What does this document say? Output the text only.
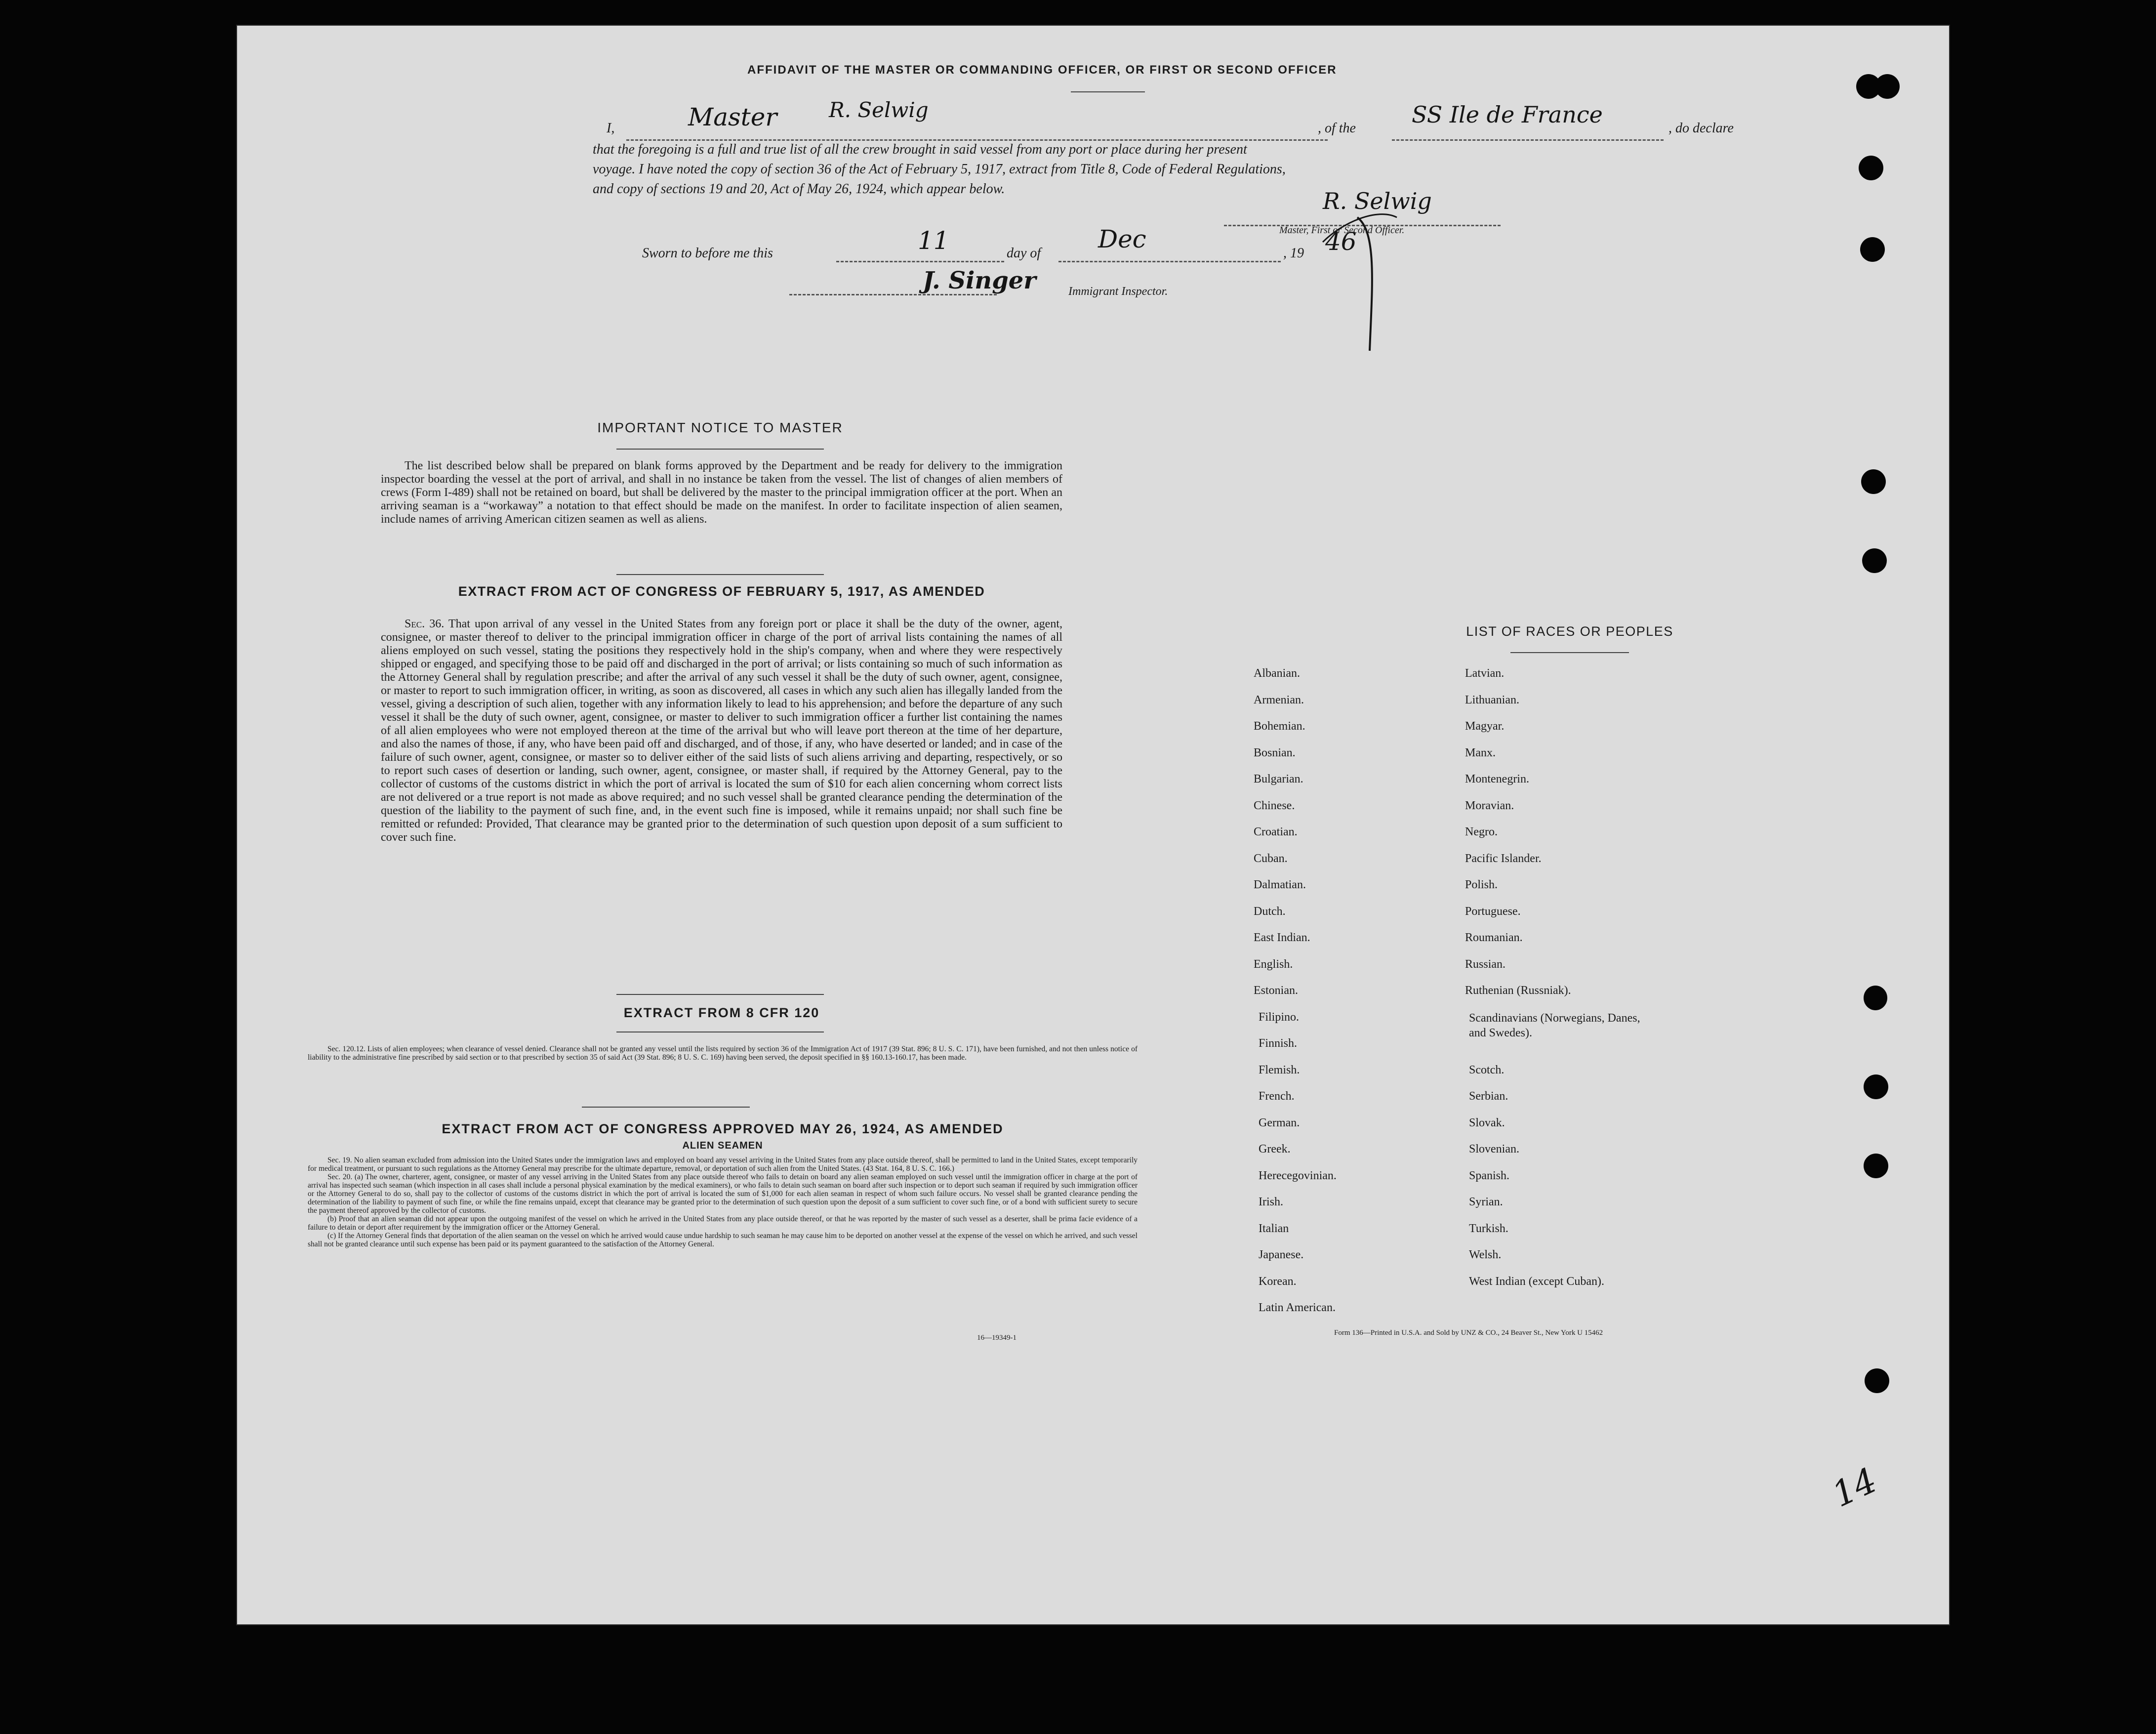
AFFIDAVIT OF THE MASTER OR COMMANDING OFFICER, OR FIRST OR SECOND OFFICER
I,	Master R. Selwig
, of the
SS Ile de France
, do declare
that the foregoing is a full and true list of all the crew brought in said vessel from any port or place during her present
voyage. I have noted the copy of section 36 of the Act of February 5, 1917, extract from Title 8, Code of Federal Regulations,
and copy of sections 19 and 20, Act of May 26, 1924, which appear below.
Sworn to before me this	11	day of Dec	, 19 46
R. Selwig
Master, First or Second Officer.
J. Singer	Immigrant Inspector.
IMPORTANT NOTICE TO MASTER
The list described below shall be prepared on blank forms approved by the Department and be ready for delivery to the immigration inspector boarding the vessel at the port of arrival, and shall in no instance be taken from the vessel. The list of changes of alien members of crews (Form I-489) shall not be retained on board, but shall be delivered by the master to the principal immigration officer at the port. When an arriving seaman is a “workaway” a notation to that effect should be made on the manifest. In order to facilitate inspection of alien seamen, include names of arriving American citizen seamen as well as aliens.
EXTRACT FROM ACT OF CONGRESS OF FEBRUARY 5, 1917, AS AMENDED
Sec. 36. That upon arrival of any vessel in the United States from any foreign port or place it shall be the duty of the owner, agent, consignee, or master thereof to deliver to the principal immigration officer in charge of the port of arrival lists containing the names of all aliens employed on such vessel, stating the positions they respectively hold in the ship's company, when and where they were respectively shipped or engaged, and specifying those to be paid off and discharged in the port of arrival; or lists containing so much of such information as the Attorney General shall by regulation prescribe; and after the arrival of any such vessel it shall be the duty of such owner, agent, consignee, or master to report to such immigration officer, in writing, as soon as discovered, all cases in which any such alien has illegally landed from the vessel, giving a description of such alien, together with any information likely to lead to his apprehension; and before the departure of any such vessel it shall be the duty of such owner, agent, consignee, or master to deliver to such immigration officer a further list containing the names of all alien employees who were not employed thereon at the time of the arrival but who will leave port thereon at the time of her departure, and also the names of those, if any, who have been paid off and discharged, and of those, if any, who have deserted or landed; and in case of the failure of such owner, agent, consignee, or master so to deliver either of the said lists of such aliens arriving and departing, respectively, or so to report such cases of desertion or landing, such owner, agent, consignee, or master shall, if required by the Attorney General, pay to the collector of customs of the customs district in which the port of arrival is located the sum of $10 for each alien concerning whom correct lists are not delivered or a true report is not made as above required; and no such vessel shall be granted clearance pending the determination of the question of the liability to the payment of such fine, and, in the event such fine is imposed, while it remains unpaid; nor shall such fine be remitted or refunded: Provided, That clearance may be granted prior to the determination of such question upon deposit of a sum sufficient to cover such fine.
EXTRACT FROM 8 CFR 120
Sec. 120.12. Lists of alien employees; when clearance of vessel denied. Clearance shall not be granted any vessel until the lists required by section 36 of the Immigration Act of 1917 (39 Stat. 896; 8 U. S. C. 171), have been furnished, and not then unless notice of liability to the administrative fine prescribed by said section or to that prescribed by section 35 of said Act (39 Stat. 896; 8 U. S. C. 169) having been served, the deposit specified in §§ 160.13-160.17, has been made.
EXTRACT FROM ACT OF CONGRESS APPROVED MAY 26, 1924, AS AMENDED
ALIEN SEAMEN
Sec. 19. No alien seaman excluded from admission into the United States under the immigration laws and employed on board any vessel arriving in the United States from any place outside thereof, shall be permitted to land in the United States, except temporarily for medical treatment, or pursuant to such regulations as the Attorney General may prescribe for the ultimate departure, removal, or deportation of such alien from the United States. (43 Stat. 164, 8 U. S. C. 166.)
Sec. 20. (a) The owner, charterer, agent, consignee, or master of any vessel arriving in the United States from any place outside thereof who fails to detain on board any alien seaman employed on such vessel until the immigration officer in charge at the port of arrival has inspected such seaman (which inspection in all cases shall include a personal physical examination by the medical examiners), or who fails to detain such seaman on board after such inspection or to deport such seaman if required by such immigration officer or the Attorney General to do so, shall pay to the collector of customs of the customs district in which the port of arrival is located the sum of $1,000 for each alien seaman in respect of whom such failure occurs. No vessel shall be granted clearance pending the determination of the liability to payment of such fine, or while the fine remains unpaid, except that clearance may be granted prior to the determination of such question upon the deposit of a sum sufficient to cover such fine, or of a bond with sufficient surety to secure the payment thereof approved by the collector of customs.
(b) Proof that an alien seaman did not appear upon the outgoing manifest of the vessel on which he arrived in the United States from any place outside thereof, or that he was reported by the master of such vessel as a deserter, shall be prima facie evidence of a failure to detain or deport after requirement by the immigration officer or the Attorney General.
(c) If the Attorney General finds that deportation of the alien seaman on the vessel on which he arrived would cause undue hardship to such seaman he may cause him to be deported on another vessel at the expense of the vessel on which he arrived, and such vessel shall not be granted clearance until such expense has been paid or its payment guaranteed to the satisfaction of the Attorney General.
16—19349-1
LIST OF RACES OR PEOPLES
Albanian.
Armenian.
Bohemian.
Bosnian.
Bulgarian.
Chinese.
Croatian.
Cuban.
Dalmatian.
Dutch.
East Indian.
English.
Estonian.
Filipino.
Finnish.
Flemish.
French.
German.
Greek.
Herecegovinian.
Irish.
Italian
Japanese.
Korean.
Latin American.
Latvian.
Lithuanian.
Magyar.
Manx.
Montenegrin.
Moravian.
Negro.
Pacific Islander.
Polish.
Portuguese.
Roumanian.
Russian.
Ruthenian (Russniak).
Scandinavians (Norwegians, Danes, and Swedes).
Scotch.
Serbian.
Slovak.
Slovenian.
Spanish.
Syrian.
Turkish.
Welsh.
West Indian (except Cuban).
Form 136—Printed in U.S.A. and Sold by UNZ & CO., 24 Beaver St., New York U 15462
14
